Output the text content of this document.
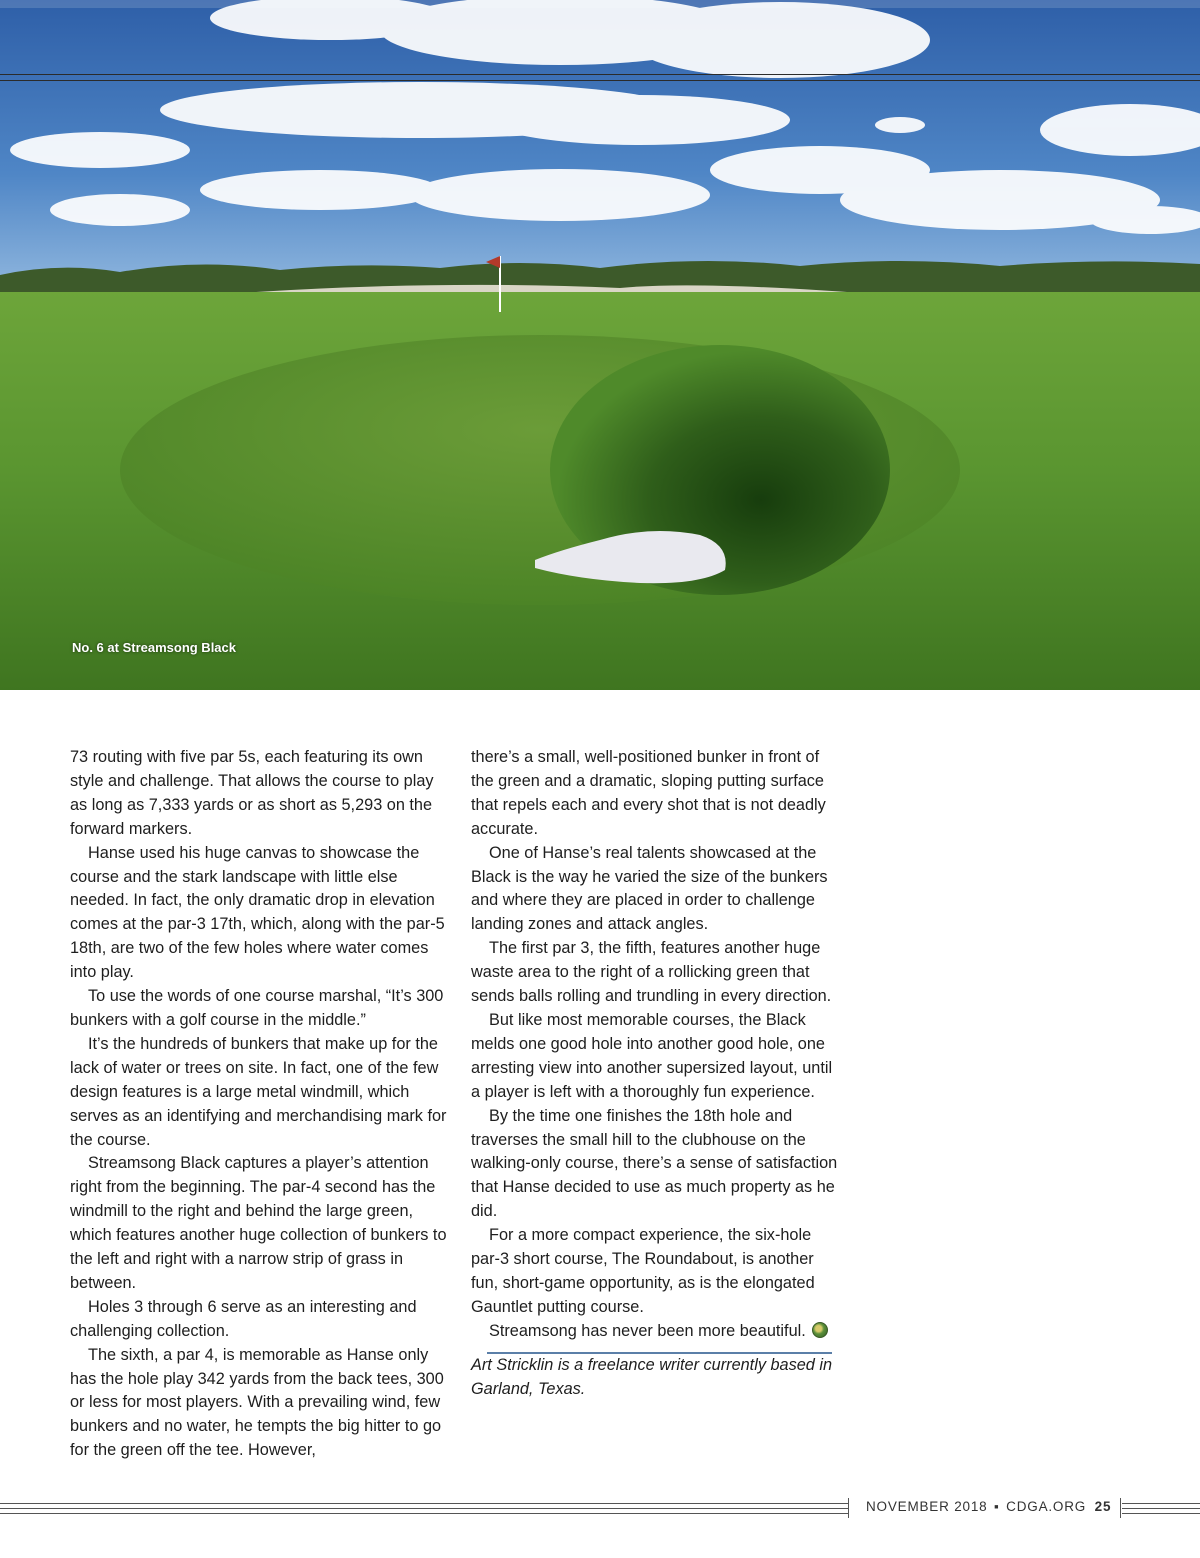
No. 6 at Streamsong Black

73 routing with five par 5s, each featuring its own style and challenge. That allows the course to play as long as 7,333 yards or as short as 5,293 on the forward markers.

Hanse used his huge canvas to showcase the course and the stark landscape with little else needed. In fact, the only dramatic drop in elevation comes at the par-3 17th, which, along with the par-5 18th, are two of the few holes where water comes into play.

To use the words of one course marshal, “It’s 300 bunkers with a golf course in the middle.”

It’s the hundreds of bunkers that make up for the lack of water or trees on site. In fact, one of the few design features is a large metal windmill, which serves as an identifying and merchandising mark for the course.

Streamsong Black captures a player’s attention right from the beginning. The par-4 second has the windmill to the right and behind the large green, which features another huge collection of bunkers to the left and right with a narrow strip of grass in between.

Holes 3 through 6 serve as an interesting and challenging collection.

The sixth, a par 4, is memorable as Hanse only has the hole play 342 yards from the back tees, 300 or less for most players. With a prevailing wind, few bunkers and no water, he tempts the big hitter to go for the green off the tee. However,

there’s a small, well-positioned bunker in front of the green and a dramatic, sloping putting surface that repels each and every shot that is not deadly accurate.

One of Hanse’s real talents showcased at the Black is the way he varied the size of the bunkers and where they are placed in order to challenge landing zones and attack angles.

The first par 3, the fifth, features another huge waste area to the right of a rollicking green that sends balls rolling and trundling in every direction.

But like most memorable courses, the Black melds one good hole into another good hole, one arresting view into another supersized layout, until a player is left with a thoroughly fun experience.

By the time one finishes the 18th hole and traverses the small hill to the clubhouse on the walking-only course, there’s a sense of satisfaction that Hanse decided to use as much property as he did.

For a more compact experience, the six-hole par-3 short course, The Roundabout, is another fun, short-game opportunity, as is the elongated Gauntlet putting course.

Streamsong has never been more beautiful.

Art Stricklin is a freelance writer currently based in Garland, Texas.

NOVEMBER 2018 ▪ CDGA.ORG 25
